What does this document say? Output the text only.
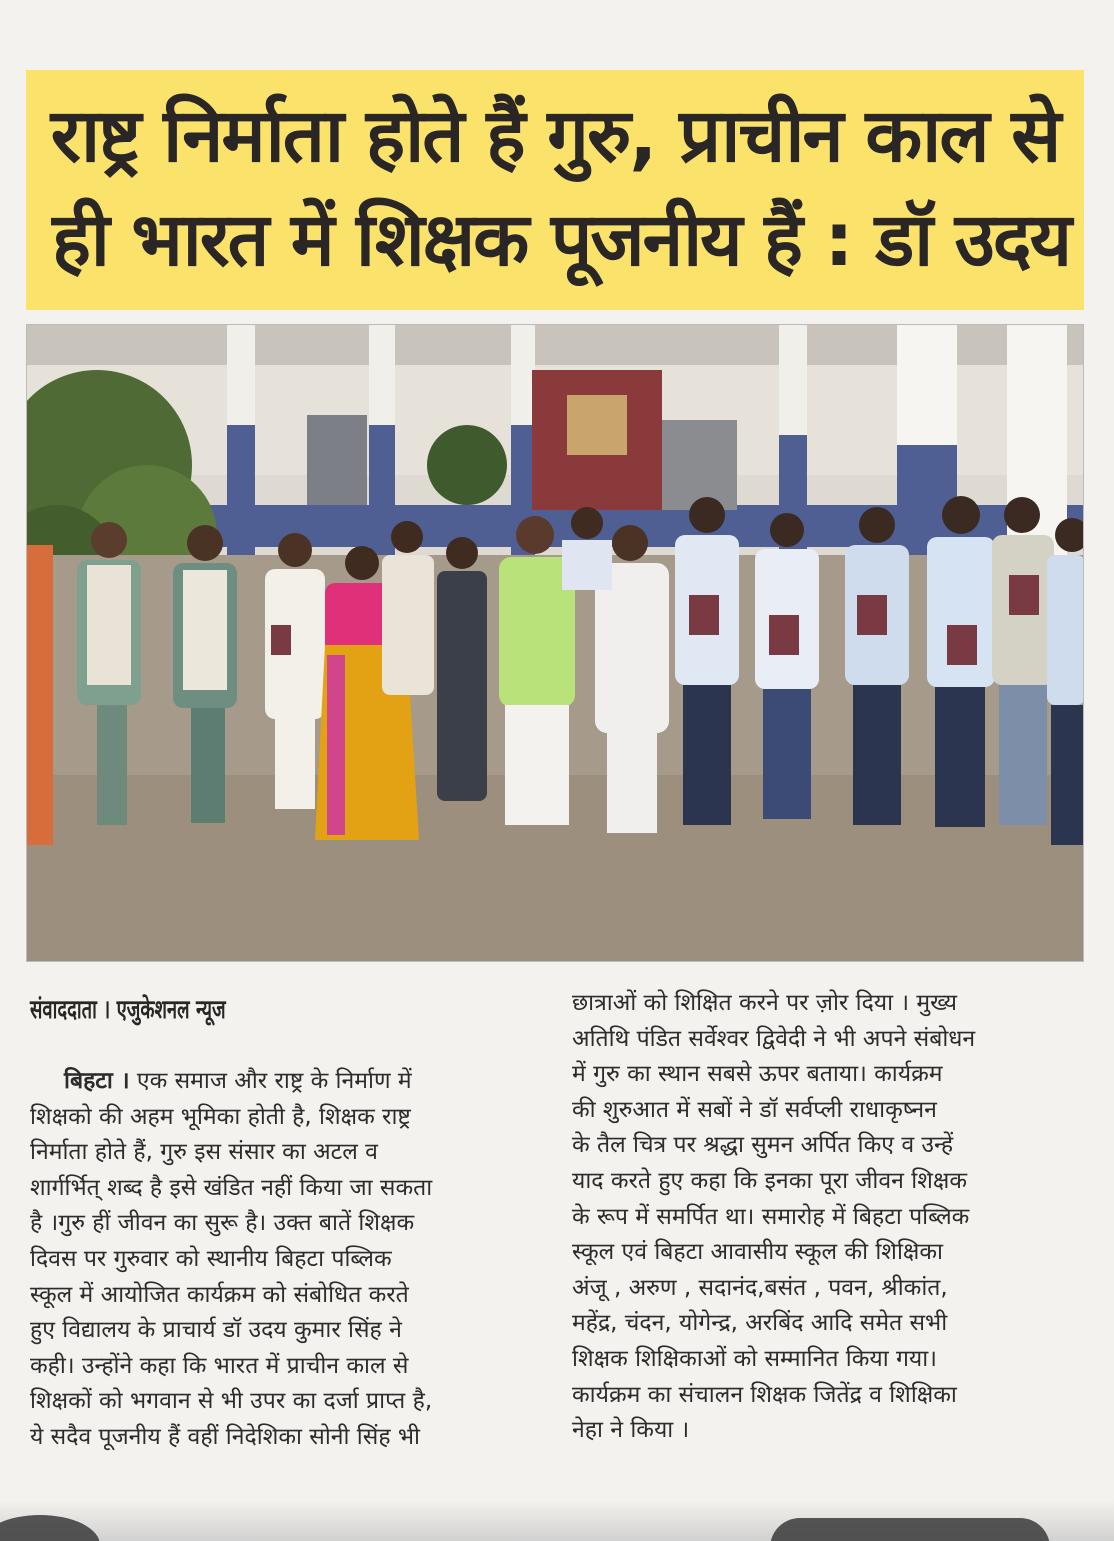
राष्ट्र निर्माता होते हैं गुरु, प्राचीन काल से
ही भारत में शिक्षक पूजनीय हैं : डॉ उदय
संवाददाता । एजुकेशनल न्यूज
बिहटा । एक समाज और राष्ट्र के निर्माण में
शिक्षको की अहम भूमिका होती है, शिक्षक राष्ट्र
निर्माता होते हैं, गुरु इस संसार का अटल व
शार्गर्भित् शब्द है इसे खंडित नहीं किया जा सकता
है ।गुरु हीं जीवन का सुरू है। उक्त बातें शिक्षक
दिवस पर गुरुवार को स्थानीय बिहटा पब्लिक
स्कूल में आयोजित कार्यक्रम को संबोधित करते
हुए विद्यालय के प्राचार्य डॉ उदय कुमार सिंह ने
कही। उन्होंने कहा कि भारत में प्राचीन काल से
शिक्षकों को भगवान से भी उपर का दर्जा प्राप्त है,
ये सदैव पूजनीय हैं वहीं निदेशिका सोनी सिंह भी
छात्राओं को शिक्षित करने पर ज़ोर दिया । मुख्य
अतिथि पंडित सर्वेश्वर द्विवेदी ने भी अपने संबोधन
में गुरु का स्थान सबसे ऊपर बताया। कार्यक्रम
की शुरुआत में सबों ने डॉ सर्वप्ली राधाकृष्नन
के तैल चित्र पर श्रद्धा सुमन अर्पित किए व उन्हें
याद करते हुए कहा कि इनका पूरा जीवन शिक्षक
के रूप में समर्पित था। समारोह में बिहटा पब्लिक
स्कूल एवं बिहटा आवासीय स्कूल की शिक्षिका
अंजू , अरुण , सदानंद,बसंत , पवन, श्रीकांत,
महेंद्र, चंदन, योगेन्द्र, अरबिंद आदि समेत सभी
शिक्षक शिक्षिकाओं को सम्मानित किया गया।
कार्यक्रम का संचालन शिक्षक जितेंद्र व शिक्षिका
नेहा ने किया ।
